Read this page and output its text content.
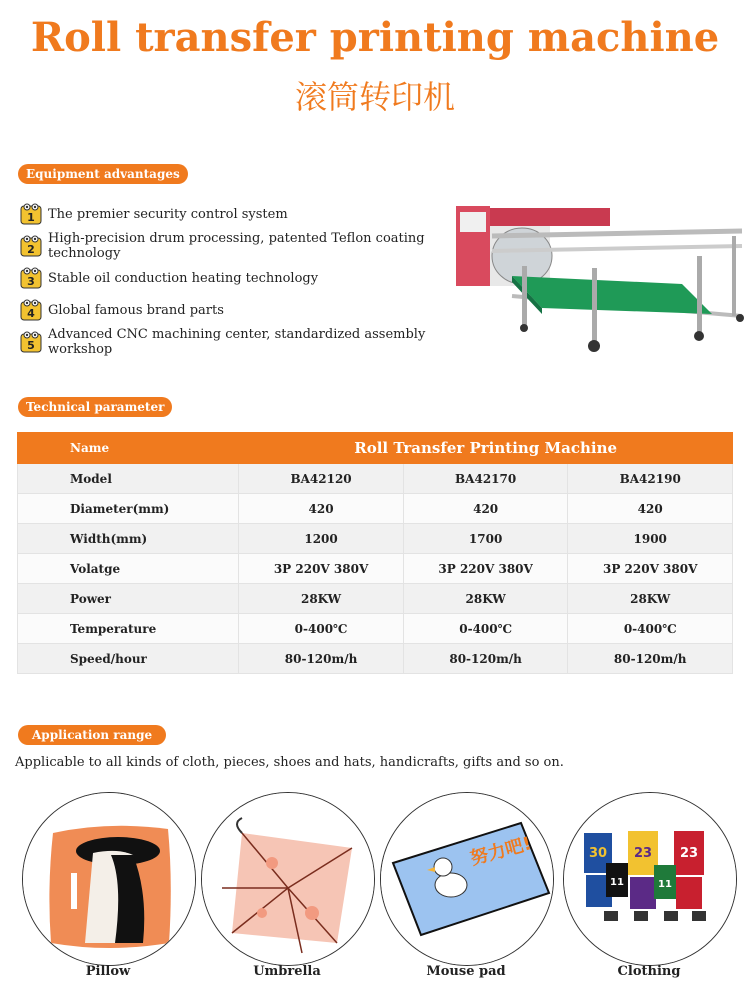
Roll transfer printing machine
滚筒转印机
Equipment advantages
1 The premier security control system
2
High-precision drum processing, patented Teflon coating technology
3 Stable oil conduction heating technology
4 Global famous brand parts
5
Advanced CNC machining center, standardized assembly workshop
Technical parameter
Name	Roll Transfer Printing Machine		
Model	BA42120	BA42170	BA42190
Diameter(mm)	420	420	420
Width(mm)	1200	1700	1900
Volatge	3P 220V 380V	3P 220V 380V	3P 220V 380V
Power	28KW	28KW	28KW
Temperature	0-400℃	0-400℃	0-400℃
Speed/hour	80-120m/h	80-120m/h	80-120m/h
Application range
Applicable to all kinds of cloth, pieces, shoes and hats, handicrafts, gifts and so on.
Pillow	Umbrella
努力吧!
Mouse pad
30 23 23
11	11
Clothing
